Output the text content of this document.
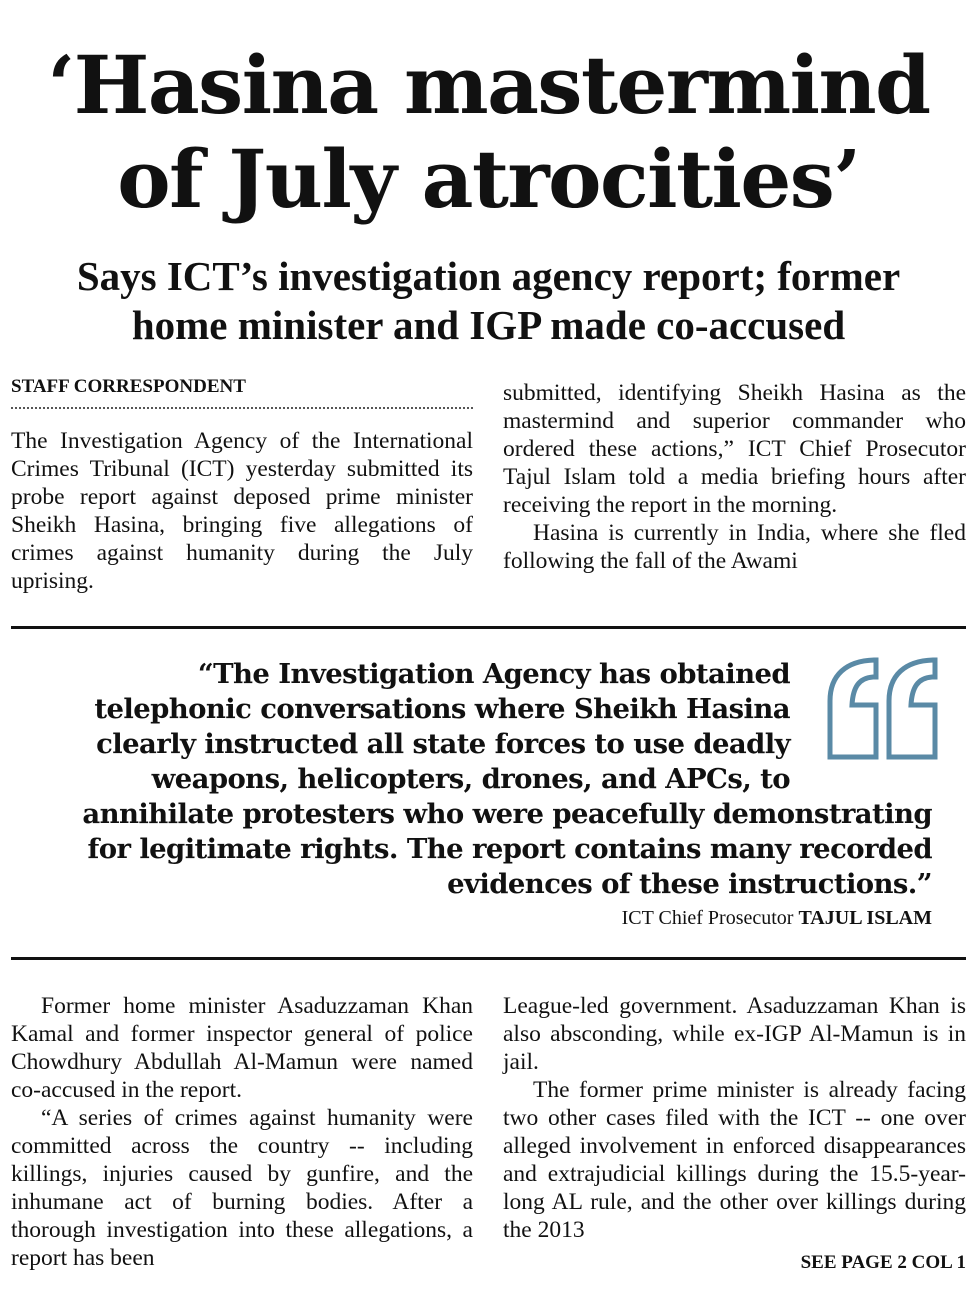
‘Hasina mastermind
of July atrocities’
Says ICT’s investigation agency report; former
home minister and IGP made co-accused
STAFF CORRESPONDENT

The Investigation Agency of the International Crimes Tribunal (ICT) yesterday submitted its probe report against deposed prime minister Sheikh Hasina, bringing five allegations of crimes against humanity during the July uprising.

submitted, identifying Sheikh Hasina as the mastermind and superior commander who ordered these actions,” ICT Chief Prosecutor Tajul Islam told a media briefing hours after receiving the report in the morning.

Hasina is currently in India, where she fled following the fall of the Awami

“The Investigation Agency has obtained
telephonic conversations where Sheikh Hasina
clearly instructed all state forces to use deadly
weapons, helicopters, drones, and APCs, to
annihilate protesters who were peacefully demonstrating
for legitimate rights. The report contains many recorded
evidences of these instructions.”
ICT Chief Prosecutor TAJUL ISLAM

Former home minister Asaduzzaman Khan Kamal and former inspector general of police Chowdhury Abdullah Al-Mamun were named co-accused in the report.

“A series of crimes against humanity were committed across the country -- including killings, injuries caused by gunfire, and the inhumane act of burning bodies. After a thorough investigation into these allegations, a report has been

League-led government. Asaduzzaman Khan is also absconding, while ex-IGP Al-Mamun is in jail.

The former prime minister is already facing two other cases filed with the ICT -- one over alleged involvement in enforced disappearances and extrajudicial killings during the 15.5-year-long AL rule, and the other over killings during the 2013

SEE PAGE 2 COL 1
